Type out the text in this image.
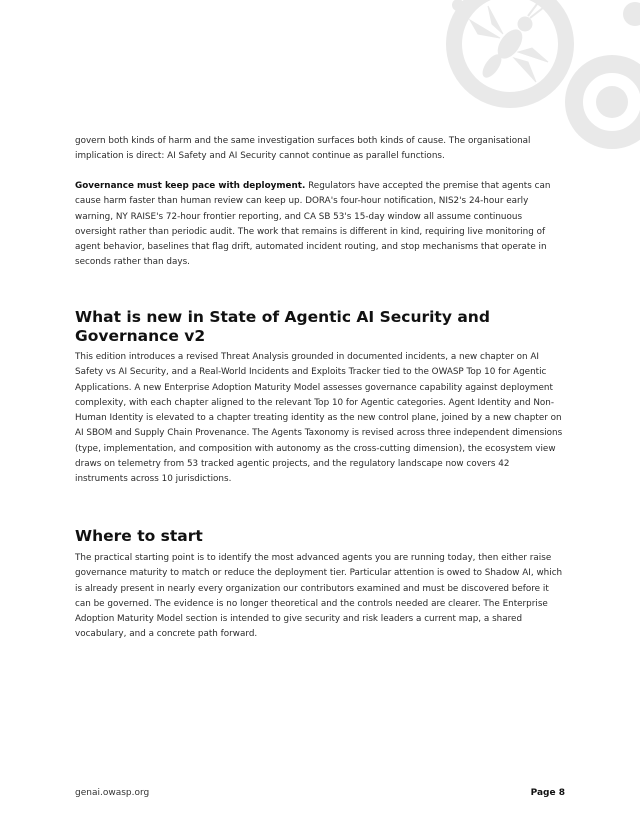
govern both kinds of harm and the same investigation surfaces both kinds of cause. The organisational implication is direct: AI Safety and AI Security cannot continue as parallel functions.

Governance must keep pace with deployment. Regulators have accepted the premise that agents can cause harm faster than human review can keep up. DORA's four-hour notification, NIS2's 24-hour early warning, NY RAISE's 72-hour frontier reporting, and CA SB 53's 15-day window all assume continuous oversight rather than periodic audit. The work that remains is different in kind, requiring live monitoring of agent behavior, baselines that flag drift, automated incident routing, and stop mechanisms that operate in seconds rather than days.

What is new in State of Agentic AI Security and Governance v2

This edition introduces a revised Threat Analysis grounded in documented incidents, a new chapter on AI Safety vs AI Security, and a Real-World Incidents and Exploits Tracker tied to the OWASP Top 10 for Agentic Applications. A new Enterprise Adoption Maturity Model assesses governance capability against deployment complexity, with each chapter aligned to the relevant Top 10 for Agentic categories. Agent Identity and Non-Human Identity is elevated to a chapter treating identity as the new control plane, joined by a new chapter on AI SBOM and Supply Chain Provenance. The Agents Taxonomy is revised across three independent dimensions (type, implementation, and composition with autonomy as the cross-cutting dimension), the ecosystem view draws on telemetry from 53 tracked agentic projects, and the regulatory landscape now covers 42 instruments across 10 jurisdictions.

Where to start

The practical starting point is to identify the most advanced agents you are running today, then either raise governance maturity to match or reduce the deployment tier. Particular attention is owed to Shadow AI, which is already present in nearly every organization our contributors examined and must be discovered before it can be governed. The evidence is no longer theoretical and the controls needed are clearer. The Enterprise Adoption Maturity Model section is intended to give security and risk leaders a current map, a shared vocabulary, and a concrete path forward.

genai.owasp.org	Page 8
